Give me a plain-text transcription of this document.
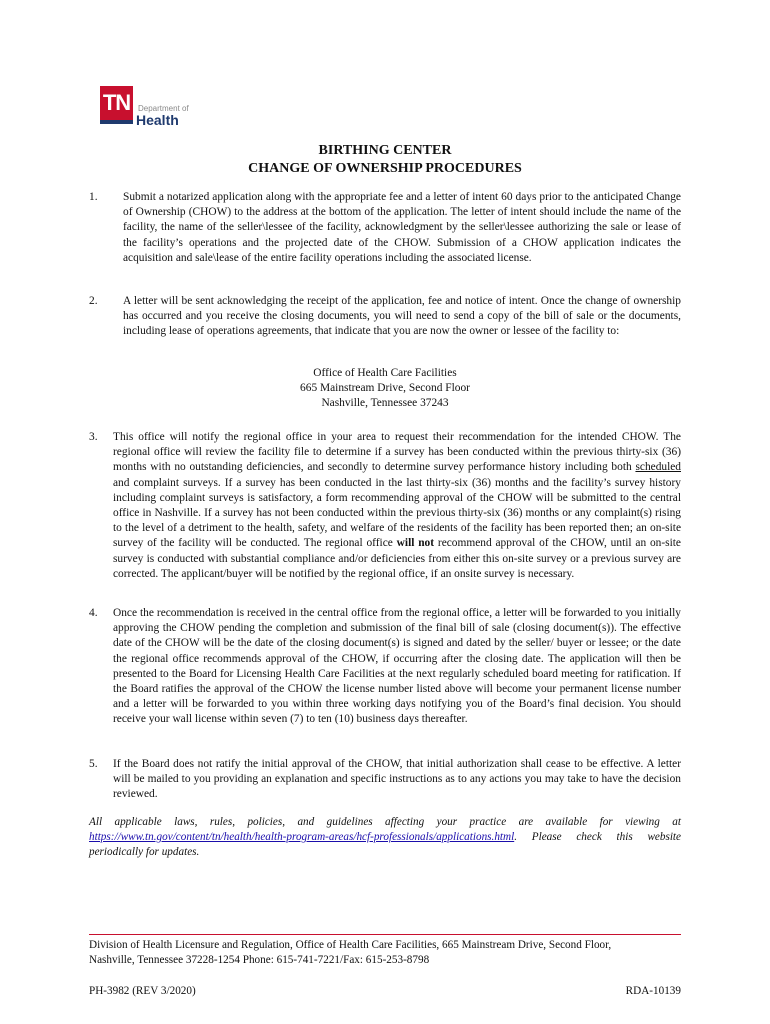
TN Department of
Health
BIRTHING CENTER
CHANGE OF OWNERSHIP PROCEDURES
1. Submit a notarized application along with the appropriate fee and a letter of intent 60 days prior to the anticipated Change of Ownership (CHOW) to the address at the bottom of the application. The letter of intent should include the name of the facility, the name of the seller\lessee of the facility, acknowledgment by the seller\lessee authorizing the sale or lease of the facility’s operations and the projected date of the CHOW. Submission of a CHOW application indicates the acquisition and sale\lease of the entire facility operations including the associated license.
2. A letter will be sent acknowledging the receipt of the application, fee and notice of intent. Once the change of ownership has occurred and you receive the closing documents, you will need to send a copy of the bill of sale or the documents, including lease of operations agreements, that indicate that you are now the owner or lessee of the facility to:
Office of Health Care Facilities
665 Mainstream Drive, Second Floor
Nashville, Tennessee 37243
3. This office will notify the regional office in your area to request their recommendation for the intended CHOW. The regional office will review the facility file to determine if a survey has been conducted within the previous thirty-six (36) months with no outstanding deficiencies, and secondly to determine survey performance history including both scheduled and complaint surveys. If a survey has been conducted in the last thirty-six (36) months and the facility’s survey history including complaint surveys is satisfactory, a form recommending approval of the CHOW will be submitted to the central office in Nashville. If a survey has not been conducted within the previous thirty-six (36) months or any complaint(s) rising to the level of a detriment to the health, safety, and welfare of the residents of the facility has been reported then; an on-site survey of the facility will be conducted. The regional office will not recommend approval of the CHOW, until an on-site survey is conducted with substantial compliance and/or deficiencies from either this on-site survey or a previous survey are corrected. The applicant/buyer will be notified by the regional office, if an onsite survey is necessary.
4. Once the recommendation is received in the central office from the regional office, a letter will be forwarded to you initially approving the CHOW pending the completion and submission of the final bill of sale (closing document(s)). The effective date of the CHOW will be the date of the closing document(s) is signed and dated by the seller/ buyer or lessee; or the date the regional office recommends approval of the CHOW, if occurring after the closing date. The application will then be presented to the Board for Licensing Health Care Facilities at the next regularly scheduled board meeting for ratification. If the Board ratifies the approval of the CHOW the license number listed above will become your permanent license number and a letter will be forwarded to you within three working days notifying you of the Board’s final decision. You should receive your wall license within seven (7) to ten (10) business days thereafter.
5. If the Board does not ratify the initial approval of the CHOW, that initial authorization shall cease to be effective. A letter will be mailed to you providing an explanation and specific instructions as to any actions you may take to have the decision reviewed.
All applicable laws, rules, policies, and guidelines affecting your practice are available for viewing at https://www.tn.gov/content/tn/health/health-program-areas/hcf-professionals/applications.html. Please check this website periodically for updates.
Division of Health Licensure and Regulation, Office of Health Care Facilities, 665 Mainstream Drive, Second Floor,
Nashville, Tennessee 37228-1254 Phone: 615-741-7221/Fax: 615-253-8798
PH-3982 (REV 3/2020)	RDA-10139
